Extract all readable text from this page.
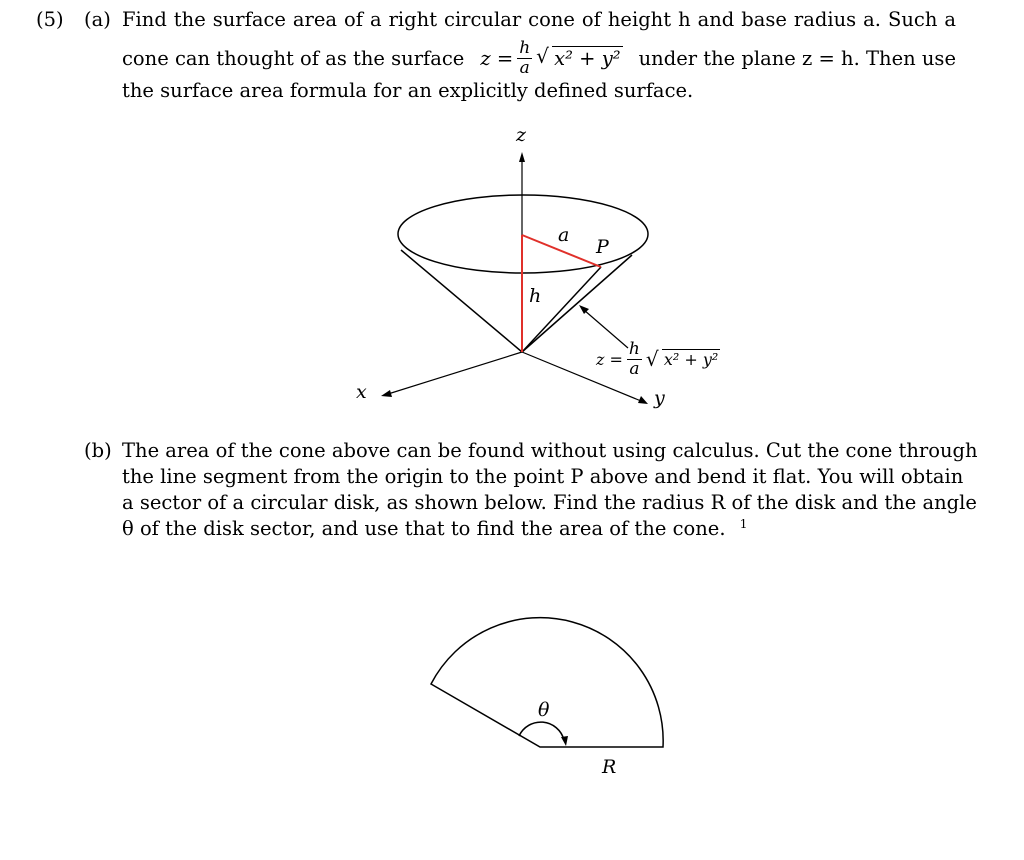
(5) (a) Find the surface area of a right circular cone of height h and base radius a. Such a
cone can thought of as the surface $z = \frac{h}{a}$ √ x² + y² under the plane z = h. Then use
the surface area formula for an explicitly defined surface.
z
x	y
a
P
h
$z = \frac{h}{a}$ √ x² + y²
(b) The area of the cone above can be found without using calculus. Cut the cone through
the line segment from the origin to the point P above and bend it flat. You will obtain
a sector of a circular disk, as shown below. Find the radius R of the disk and the angle
θ of the disk sector, and use that to find the area of the cone. $^1$
θ
R
